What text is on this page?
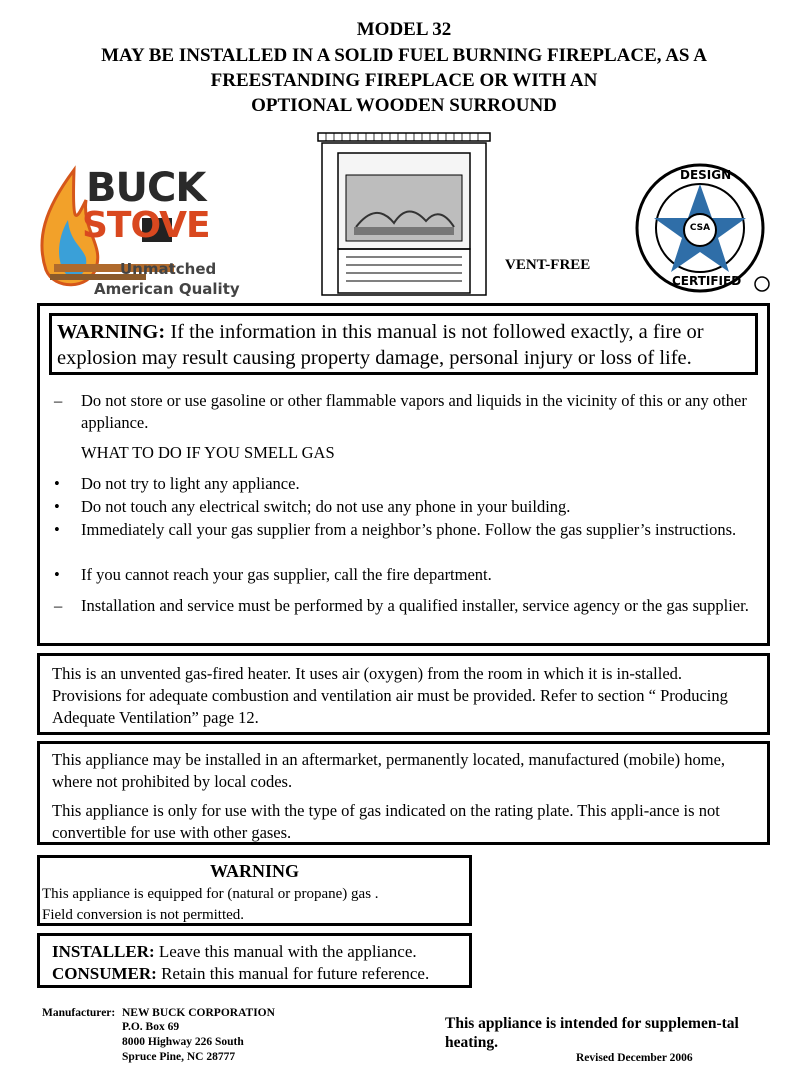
MODEL 32
MAY BE INSTALLED IN A SOLID FUEL BURNING FIREPLACE, AS A
FREESTANDING FIREPLACE OR WITH AN
OPTIONAL WOODEN SURROUND
BUCK
STOVE
Unmatched
American Quality
VENT-FREE
DESIGN
CERTIFIED
CSA
WARNING: If the information in this manual is not followed exactly, a fire or explosion may result causing property damage, personal injury or loss of life.
– Do not store or use gasoline or other flammable vapors and liquids in the vicinity of this or any other appliance.
WHAT TO DO IF YOU SMELL GAS
• Do not try to light any appliance.
• Do not touch any electrical switch; do not use any phone in your building.
• Immediately call your gas supplier from a neighbor’s phone. Follow the gas supplier’s instructions.
• If you cannot reach your gas supplier, call the fire department.
– Installation and service must be performed by a qualified installer, service agency or the gas supplier.
This is an unvented gas-fired heater. It uses air (oxygen) from the room in which it is in-stalled. Provisions for adequate combustion and ventilation air must be provided. Refer to section “ Producing Adequate Ventilation” page 12.
This appliance may be installed in an aftermarket, permanently located, manufactured (mobile) home, where not prohibited by local codes.
This appliance is only for use with the type of gas indicated on the rating plate. This appli-ance is not convertible for use with other gases.
WARNING
This appliance is equipped for (natural or propane) gas .
Field conversion is not permitted.
INSTALLER: Leave this manual with the appliance.
CONSUMER: Retain this manual for future reference.
Manufacturer: NEW BUCK CORPORATION
P.O. Box 69
8000 Highway 226 South
Spruce Pine, NC 28777
This appliance is intended for supplemen-tal heating.
Revised December 2006
